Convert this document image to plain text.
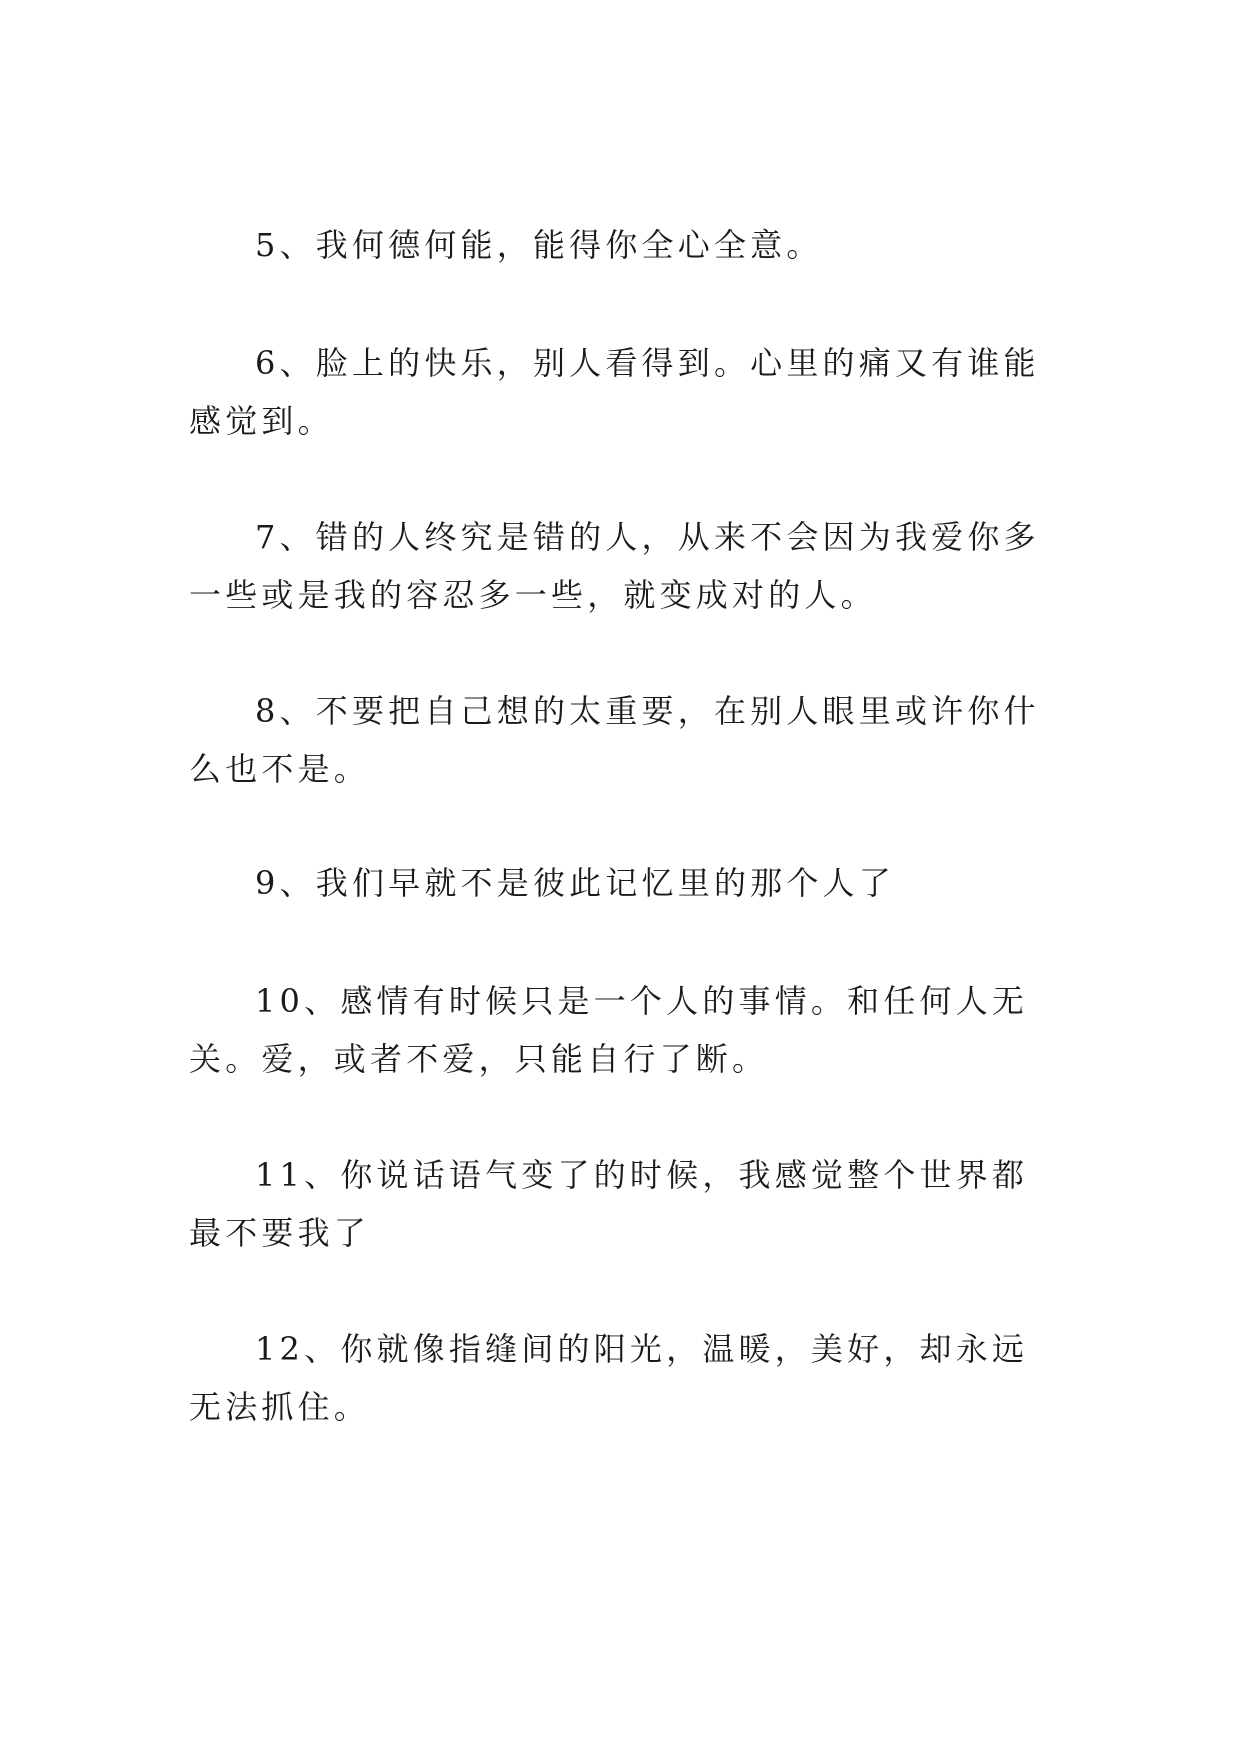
5、我何德何能，能得你全心全意。

6、脸上的快乐，别人看得到。心里的痛又有谁能感觉到。

7、错的人终究是错的人，从来不会因为我爱你多一些或是我的容忍多一些，就变成对的人。

8、不要把自己想的太重要，在别人眼里或许你什么也不是。

9、我们早就不是彼此记忆里的那个人了

10、感情有时候只是一个人的事情。和任何人无关。爱，或者不爱，只能自行了断。

11、你说话语气变了的时候，我感觉整个世界都最不要我了

12、你就像指缝间的阳光，温暖，美好，却永远无法抓住。
